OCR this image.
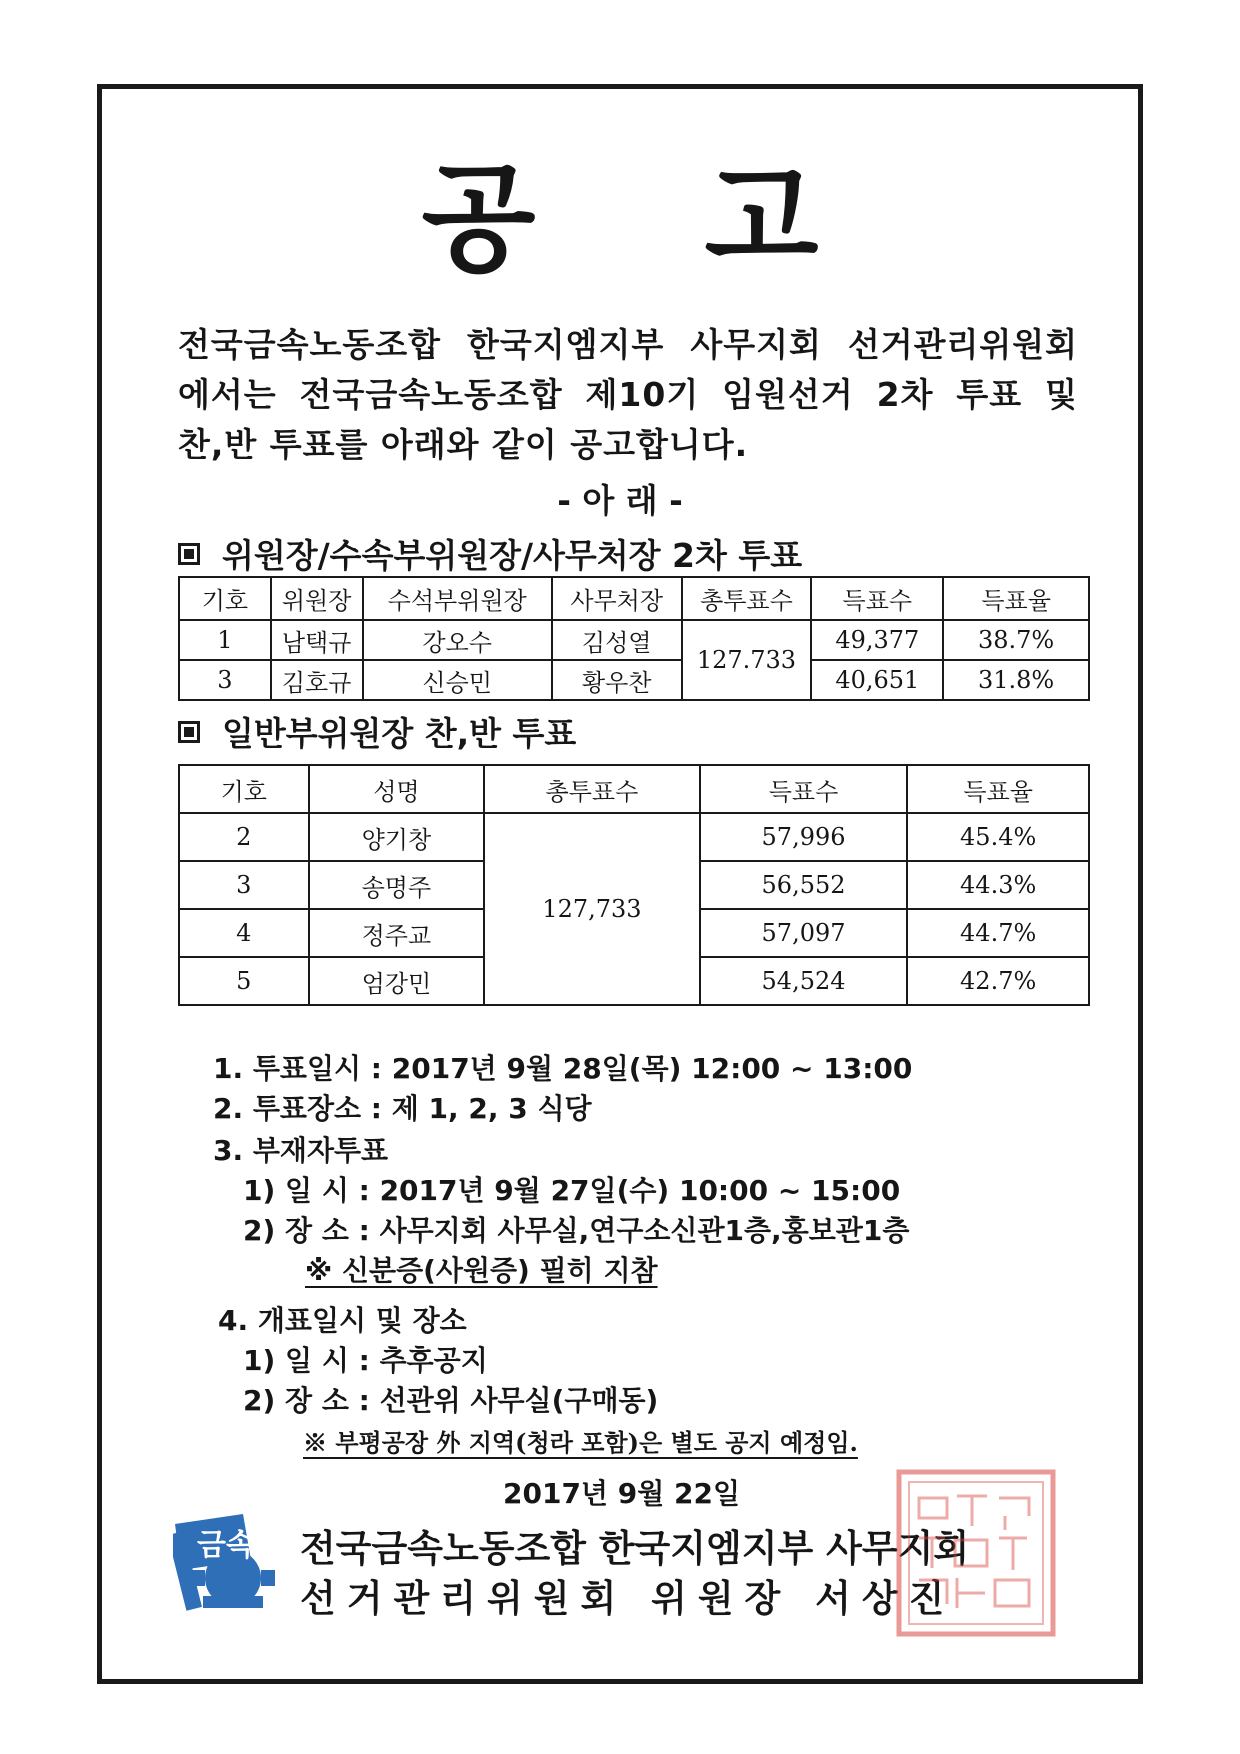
공 고
전국금속노동조합 한국지엠지부 사무지회 선거관리위원회
에서는 전국금속노동조합 제10기 임원선거 2차 투표 및
찬,반 투표를 아래와 같이 공고합니다.
- 아 래 -
위원장/수속부위원장/사무처장 2차 투표
기호	위원장	수석부위원장	사무처장	총투표수	득표수	득표율
1	남택규	강오수	김성열	127.733	49,377	38.7%
3	김호규	신승민	황우찬		40,651	31.8%
일반부위원장 찬,반 투표
기호	성명	총투표수	득표수	득표율
2	양기창	127,733	57,996	45.4%
3	송명주		56,552	44.3%
4	정주교		57,097	44.7%
5	엄강민		54,524	42.7%
1. 투표일시 : 2017년 9월 28일(목) 12:00 ~ 13:00
2. 투표장소 : 제 1, 2, 3 식당
3. 부재자투표
1) 일 시 : 2017년 9월 27일(수) 10:00 ~ 15:00
2) 장 소 : 사무지회 사무실,연구소신관1층,홍보관1층
※ 신분증(사원증) 필히 지참
4. 개표일시 및 장소
1) 일 시 : 추후공지
2) 장 소 : 선관위 사무실(구매동)
※ 부평공장 外 지역(청라 포함)은 별도 공지 예정임.
2017년 9월 22일
금속 전국금속노동조합 한국지엠지부 사무지회
선거관리위원회 위원장 서상진
